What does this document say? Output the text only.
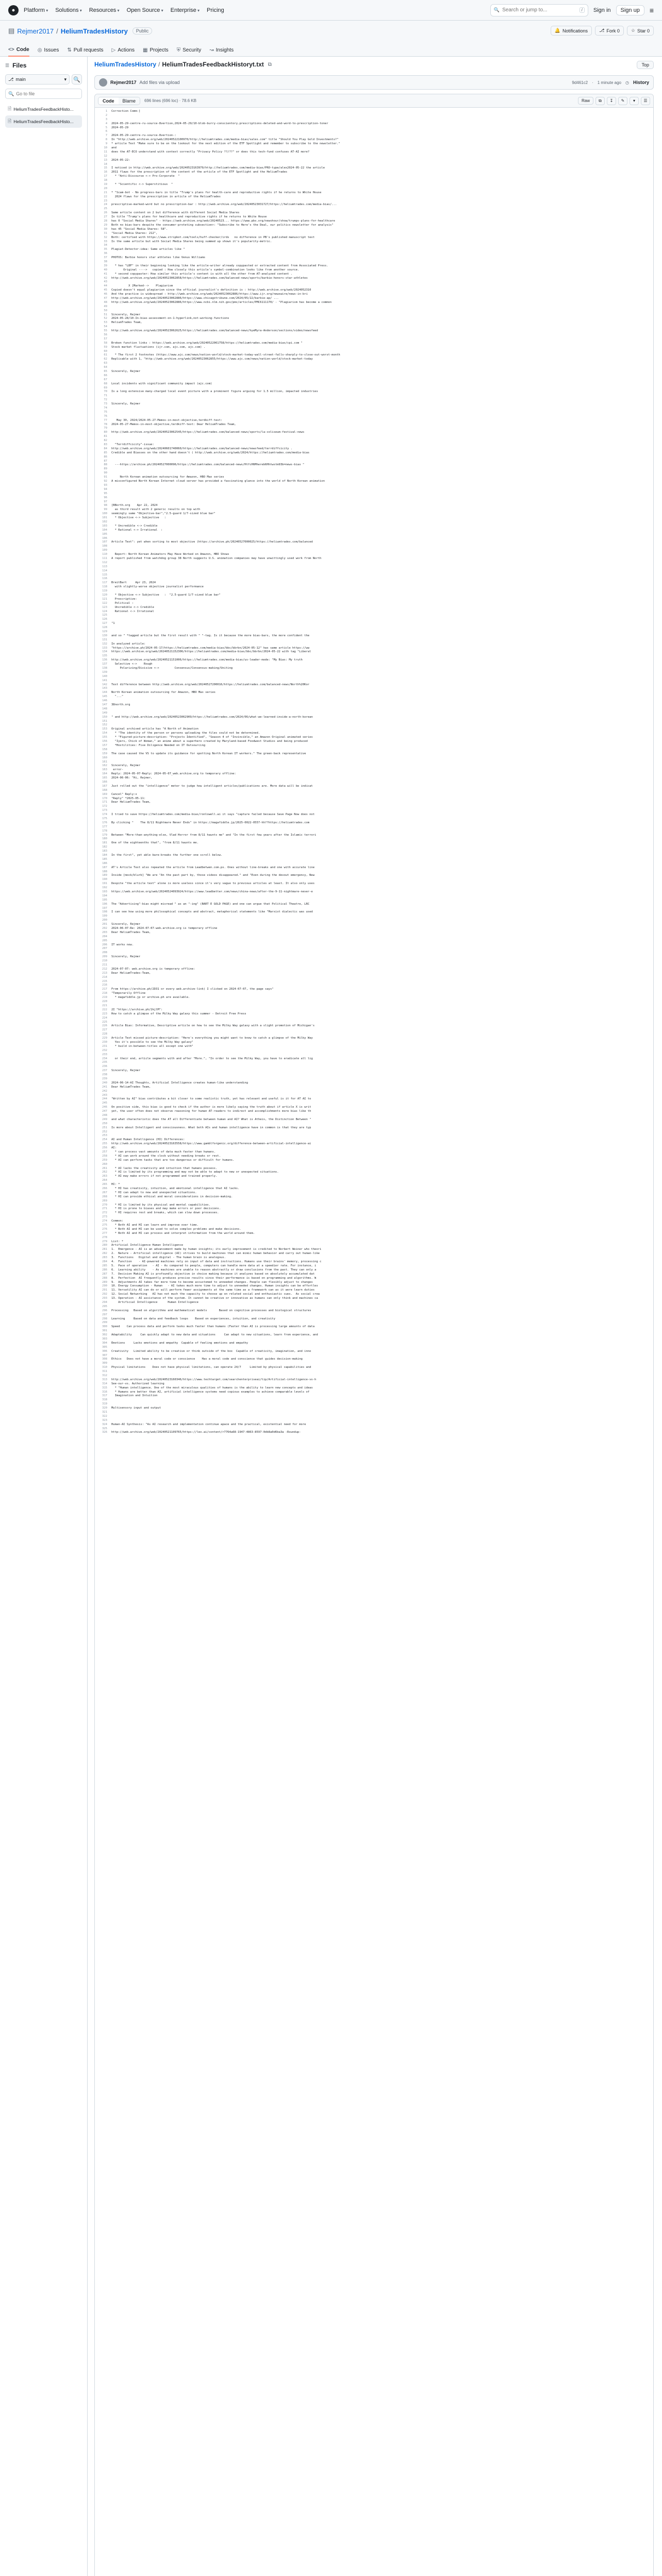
●	Platform ▾	Solutions ▾	Resources ▾	Open Source ▾	Enterprise ▾	Pricing	🔍
Search or jump to...	/	Sign in	Sign up	≡
▤ Rejmer2017 / HeliumTradesHistory	Public	🔔 Notifications ⎇ Fork 0 ☆ Star 0
<> Code ◎ Issues ⇅ Pull requests ▷ Actions ▦ Projects ⛨ Security ↝ Insights
☰ Files
⎇ main	▾ 🔍
🔍
Go to file
🗎 HeliumTradesFeedbackHisto...
🗎 HeliumTradesFeedbackHisto...
HeliumTradesHistory / HeliumTradesFeedbackHistoryt.txt ⧉	Top
Rejmer2017 Add files via upload	9d461c2 · 1 minute ago ◷ History
Code	Blame	696 lines (696 loc) · 78.6 KB	Raw	⧉ ↧ ✎ ▾ ☰
1	Correction Comm-]
2
3
4	2024-05-29-centre-ru-source-8vertion,2024-05-29/10-blob-burry-conscientory.prescriptions-deleted-and-word-to-prescription-toner
5	2024-05-29
6
7	2024-05-29-centre-ru-source-8vertion-:
8	In "http://web.archive.org/web/20240522100970/http://heliumtrades.com/media-bias/sales.com" title "Should You Play Gold Investments?"
9	* article Text "Make sure to be on the lookout for the next edition of the ETF Spotlight and remember to subscribe to the newsletter."
10	and
11	does the AT-ECO understand with context correctly "Privacy Policy ??/??" or does this tech-fund confuses AT-AI more?
12
13	2024-05-22:
14
15	I noticed in http://web.archive.org/web/20240523163970/http://heliumtrades.com/media-bias/PRO-type/alex2024-05-22 the article
16	2011 flaws for the prescription of the content of the article of the ETF Spotlight and the HeliumTrades
17	* "Anti-Discourse <-> Pro-Corporate  "
18
19	* "Scientific <-> Superstitious  "
20
21	* "Scam-bot - No progress-bars in title "Trump's plans for health-care and reproductive rights if he returns to White House
22	2024 flaws for the prescription in article of the HeliumTrades
23
24	prescriptive-marked-word but no prescription-bar : http://web.archive.org/web/20240523031727/https://heliumtrades.com/media-bias/...
25
26	Same article content on 2 but difference with different Social Media Shares
27	In title "Trump's plans for healthcare and reproductive rights if he returns to White House
28	has 0 "Social Media Shares" - https://web.archive.org/web/20240523... https://www.pbs.org/newshour/show/trumps-plans-for-healthcare
29	Both no bias-bars despite the consumer-proteting subsection>: "Subscribe to Here's the Deal, our politics newsletter for analysis"
30	has 45 "Social Media Shares: 58".
31	"Social Media Shares: 212",
32	Both: certified with https://www.stripbot.com/tools/huff-checker/irds   no difference in PB's published manuscript text
33	Is the same article but with Social Media Shares being summed up shown it's popularity-metric.
34
35	Plagiat-Detector-idea: Same articles like "
36
37	PHOTOS: Barbie honors star athletes like Venus Williams
38
39	* has "LBF" in their beginning looking like the article-writer already copypasted or extracted content from Associated Press.
40	Original ---->   copied : How closely this article's symbol-combination looks like from another source.
41	* second copypaster: How similar this article's content is with all the other from AT-analyzed content .
42	http://web.archive.org/web/20240523062858/https://heliumtrades.com/balanced-news/sports/barbie-honors-star-athletes
43
44	X [Marked-->    Plagiarism
45	Copied doesn't equal plagiarism since the official journalist's definition is : http://web.archive.org/web/2024052310
46	And the practice is widespread : http://web.archive.org/web/20240523062886/https://www.ijr.org/newswire/news-in-bri
47	http://web.archive.org/web/20240523062886/https://www.chicagotribune.com/2024/05/22/barbie-ap/ ...
48	http://web.archive.org/web/20240523062886/https://www.ncbi.nlm.nih.gov/pmc/articles/PMC6111170/ - "Plagiarism has become a common
49
50
51	Sincerely, Rejmer
52	2024-05-28/10-In-bias-assessment-on-1-hyperlink,not-working-functions
53	HeliumTrades Team,
54
55	http://web.archive.org/web/20240523062625/https://heliumtrades.com/balanced-news/hyeMyra-Anderson/sections/video/newsfeed
56
57
58	Broken function links : https://web.archive.org/web/20240522061758/https://heliumtrades.com/media-bias/cpi.com "
59	Stock market fluctuations (ijr.com, ajc.com, ajc.com) .
60
61	* The first 2 footnotes (https://www.ajc.com/news/nation-world/stock-market-today-wall-street-falls-sharply-to-close-out-worst-month
62	Replicable with 1, "http://web.archive.org/web/20240523062855/https://www.ajc.com/news/nation-world/stock-market-today
63
64
65	Sincerely, Rejmer
66
67
68	Local incidents with significant community impact (ajc.com)
69
70	Is a long extensive many-charged local event picture with a prominent figure arguing for 1.5 million, impacted industries
71
72
73	Sincerely, Rejmer
74
75
76
77	May 30, 2024/2024-05-27-Memos-in-most-objective,terdkiff-test:
78	2024-05-27-Memos-in-most-objective,terdkiff-test: Dear HeliumTrades Team,
79
80	http://web.archive.org/web/20240523062545/https://heliumtrades.com/balanced-news/sports/la-coliseum-festival-news
81
82
83	"Terrdiffcicity"-issue:
84	http://web.archive.org/web/20240601740060/https://heliumtrades.com/balanced-news/newsfeed/terrdiffcicity .
85	Credible and Biasses on the other hand doesn't ( http://web.archive.org/web/2024/https://heliumtrades.com/media-bias
86
87
88	---https://archive.ph/20240527000096/https://heliumtrades.com/balanced-news/HtfcH6Mhereb6Hhtwstm93b=news-bias "
89
90
91	North Korean animation outsourcing for Amazon, HBO Max series
92	A misconfigured North Korean Internet cloud server has provided a fascinating glance into the world of North Korean animation
93
94
95
96
97
98	[BBorth.org    Apr 22, 2024
99	as third result with 2 generic results on top with
100	seemingly same "Objective-bar","2.5-guard 1/7-sized blue bar"
101	* Objective <-> Subjective   :
102
103	* Uncredible <-> Credible
104	* Rational <-> Irrational  :
105
106
107	Article Text": yet when sorting to most objective (https://archive.ph/20240527000025/https://heliumtrades.com/balanced
108
109
110	Report: North Korean Animators May Have Worked on Amazon, HBO Shows
111	A report published from watchdog group 38 North suggests U.S. animation companies may have unwittingly used work from North
112
113
114
115
116
117	BreitBart     Apr 23, 2024
118	with slightly-worse objective journalist performance
119
120	* Objective <-> Subjective   :  "2.5-guard 1/7-sized blue bar"
121	Prescriptive:
122	Political :
123	Uncredible <-> Credible
124	Rational <-> Irrational
125
126
127	"1
128
129
130	and so " *tagged article but the first result with " "-tag. Is it because the more bias-bars, the more confident the
131
132	In analyzed article:
133	"https://archive.ph/2024-05-17/https://heliumtrades.com/media-bias/bbc/bbrbn/2024-05-12" has same article https://ww
134	https://web.archive.org/web/20240521152306/https://heliumtrades.com/media-bias/bbc/bbrbn/2024-05-22 with tag "Liberal
135
136	http://web.archive.org/web/20240521151006/https://heliumtrades.com/media-bias/us-leader-mode: "My Bias: My truth
137	Selective <->    Rough
138	Polarizing/Divisive <->         Consensus/Consensus-making/Uniting
139
140
141
142	Text difference between http://web.archive.org/web/20240527200016/https://heliumtrades.com/balanced-news/North%20Kor
143
144	North Korean animation outsourcing for Amazon, HBO Max series
145	"..."
146
147	38north.org
148
149
150	" and http://web.archive.org/web/20240523062909/https://heliumtrades.com/2024/06/what-we-learned-inside-a-north-korean
151
152
153	Original archived article has "A North of Animation
154	* "The identity of the person or persons uploading the files could not be determined.
155	* "Figured-picture-description: "Projects Identified", "Season 4 of "Invincible," an Amazon Original animated series
156	"Iyers, Chick of Woman," an anime about a superhero created by Maryland-based Foodwest Studios and being produced
157	*Hostilities: Five Diligence Needed on IT Outsourcing
158
159	The case caused the VS to update its guidance for spotting North Korean IT workers." The green-back representative
160
161
162	Sincerely, Rejmer
163	error-
164	Reply: 2024-05-07-Reply: 2024-05-07_web.archive.org to temporary offline:
165	2024-06-06: "Hi, Rejmer,
166
167	Just rolled out the "intelligence" meter to judge how intelligent articles/publications are. More data will be indicat
168
169	Cancel" Reply:x
170	"Reply" *2025-05-11:
171	Dear HeliumTrades Team,
172
173
174	I tried to save https://heliumtrades.com/media-bias/ronlowell.ai it says "capture failed because Save Page Now does not
175
176	By clicking "    The 8/11 Nightmare Never Ends" in https://magafiddle.jp/2025-0022-0557-hh??https://heliumtrades.com
177
178
179	Between "More-than-anything-else, Vlad Horror from 8/11 haunts me" and "In the first few years after the Islamic terrori
180
181	One of the eighteenths that", "from 8/11 haunts me.
182
183
184	In the first", yet able bare-breaks the further one scroll below.
185
186
187	AT's Article Text also repeated the article from Leadbetwen.com.ps. Ones without line-breaks and one with accurate line
188
189	Inside [mock/blurb] "We are "An the past part by, those videos disappeared." and "Even during the devout emergency, New
190
191	Despite "the article text" alone is more useless since it's very vague to previous articles at least. It also only uses
192
193	https://web.archive.org/web/20240524093924/https://www.leadbetter.com/news/china-news/after-the-9-11-nightmare-never-e
194
195
196	The "Advertising"-bias might misread " as an "-ing" (BART E GOLD PAGE) and one can argue that Political Theatre, LRC
197
198	I can see how using more philosophical concepts and abstract, metaphorical statements like "Marxist dialectic was used
199
200
201	Sincerely, Rejmer
202	2024-06-07-Re: 2024-07-07-web.archive.org is temporary offline
203	Dear HeliumTrades Team,
204
205
206	IT works now.
207
208
209	Sincerely, Rejmer
210
211
212	2024-07-07: web.archive.org is temporary offline:
213	Dear HeliumTrades-Team,
214
215
216
217	From https://archive.ph/2D31 or every web.archive-link) I clicked on 2024-07-07, the page says"
218	"Temporarily Offline
219	* magafiddle.jp or archive.ph are available.
220
221
222	2I "https://archive.ph/2kjlM":
223	How to catch a glimpse of the Milky Way galaxy this summer - Detroit Free Press
224
225
226	Article Bias: Informative, Descriptive article on how to see the Milky Way galaxy with a slight promotion of Michigan's
227
228
229	Article Text missed picture-description: "Here's everything you might want to know to catch a glimpse of the Milky Way
230	Yes it's possible to see the Milky Way galaxy"
231	* build in-between-titles all except one with"
232
233
234	or their end, article segments with and after "More.", "In order to see the Milky Way, you have to eradicate all lig
235
236
237	Sincerely, Rejmer
238
239
240	2024-06-14-AI Thoughts, Artificial Intelligence creates human-like understanding
241	Dear HeliumTrades Team,
242
243
244	"Written by AI" bias contributes a bit closer to some realistic truth, yet has relevant and useful is it for AT AI to
245
246	On positive side, this bias is good to check if the author is more likely saying the truth about if article X is writ
247	yet, the user often does not observe reasoning for human AT-readers to indirect and accomplishments more bias like th
248
249	and what characteristic does the AT all Differentiate between human and AI? What is Atheis, the Distinction Between "
250
251	Is more about Intelligent and consciousness. What both AIs and human intelligence have in common is that they are typ
252
253
254	AI and Human Intelligence (HI) Differences:
255	http://web.archive.org/web/20240523163558/https://www.gamblforgenic.org/difference-between-artificial-intelligence-ai
256	AI:
257	* can process vast amounts of data much faster than humans.
258	* AI can work around the clock without needing breaks or rest.
259	* AI can perform tasks that are too dangerous or difficult for humans.
260
261	* AI lacks the creativity and intuition that humans possess.
262	* AI is limited by its programming and may not be able to adapt to new or unexpected situations.
263	* AI may make errors if not programmed and trained properly.
264
265	HI: *
266	* HI has creativity, intuition, and emotional intelligence that AI lacks.
267	* HI can adapt to new and unexpected situations.
268	* HI can provide ethical and moral considerations in decision-making.
269
270	* HI is limited by its physical and mental capabilities.
271	* HI is prone to biases and may make errors or poor decisions.
272	* HI requires rest and breaks, which can slow down processes.
273
274	Common:
275	* Both AI and HI can learn and improve over time.
276	* Both AI and HI can be used to solve complex problems and make decisions.
277	* Both AI and HI can process and interpret information from the world around them.
278
279	List: *
280	Artificial Intelligence Human Intelligence
281	1.  Emergence - AI is an advancement made by human insights; its early improvement is credited to Norbert Weiner who theori
282	2.  Nature - Artificial intelligence (AI) strives to build machines that can mimic human behavior and carry out human-like
283	3.  Functions   Digital and digital - The human brain is analogous.
284	4.  Function    - AI-powered machines rely on input of data and instructions. Humans use their brains' memory, processing c
285	5.  Pace of operation   - AI - As compared to people, computers can handle more data at a speedier rate. For instance, i
286	6.  Learning ability    - As machines are unable to reason abstractly or draw conclusions from the past. They can only a
287	7.  Decision Making AI is profoundly objective in choice making because it analyzes based on absolutely accumulated dat
288	8.  Perfection  AI frequently produces precise results since their performance is based on programming and algorithms. W
289	9.  Adjustments AI takes far more time to become accustomed to unneeded changes. People can flexibly adjust to changes
290	10. Energy Consumption - Human   - AI takes much more time to adjust to unneeded changes. Human insights can be effortles
291	11. Versatility AI can do or will perform fewer assignments at the same time as a framework can as it were learn duties
292	12. Social Networking   AI has not much the capacity to choose up on related social and enthusiastic cues.  As social crea
293	13. Operation - AI assistance of the system. It cannot be creative or innovative as humans can only think and machines ca
294	Artificial Intelligence      Human Intelligence
295
296	Processing   Based on algorithms and mathematical models       Based on cognitive processes and biological structures
297
298	Learning     Based on data and feedback loops    Based on experiences, intuition, and creativity
299
300	Speed    Can process data and perform tasks much faster than humans (Faster than AI is processing large amounts of data
301
302	Adaptability     Can quickly adapt to new data and situations     Can adapt to new situations, learn from experience, and
303
304	Emotions     Lacks emotions and empathy  Capable of feeling emotions and empathy
305
306	Creativity   Limited ability to be creative or think outside of the box  Capable of creativity, imagination, and inno
307
308	Ethics   Does not have a moral code or conscience    Has a moral code and conscience that guides decision-making
309
310	Physical limitations    Does not have physical limitations, can operate 24/7     Limited by physical capabilities and
311
312
313	http://web.archive.org/web/20240523160346/https://www.techtarget.com/searchenterpriseai/tip/Artificial-intelligence-vs-h
314	See-our-vs. Authorized learning
315	* "Human intelligence. One of the most miraculous qualities of humans is the ability to learn new concepts and ideas
316	* Humans are better than AI, artificial intelligence systems need copious examples to achieve comparable levels of
317	Imagination and Intuition
318
319
320	Multisensory input and output
321
322
323
324	Human-AI Synthesis: "As AI research and implementation continue apace and the practical, existential need for more
325
326	http://web.archive.org/web/20240521109765/https://lex.ai/content/r7764a68-1947-4863-8597-0db8a0d6ba3a -Roundup-
